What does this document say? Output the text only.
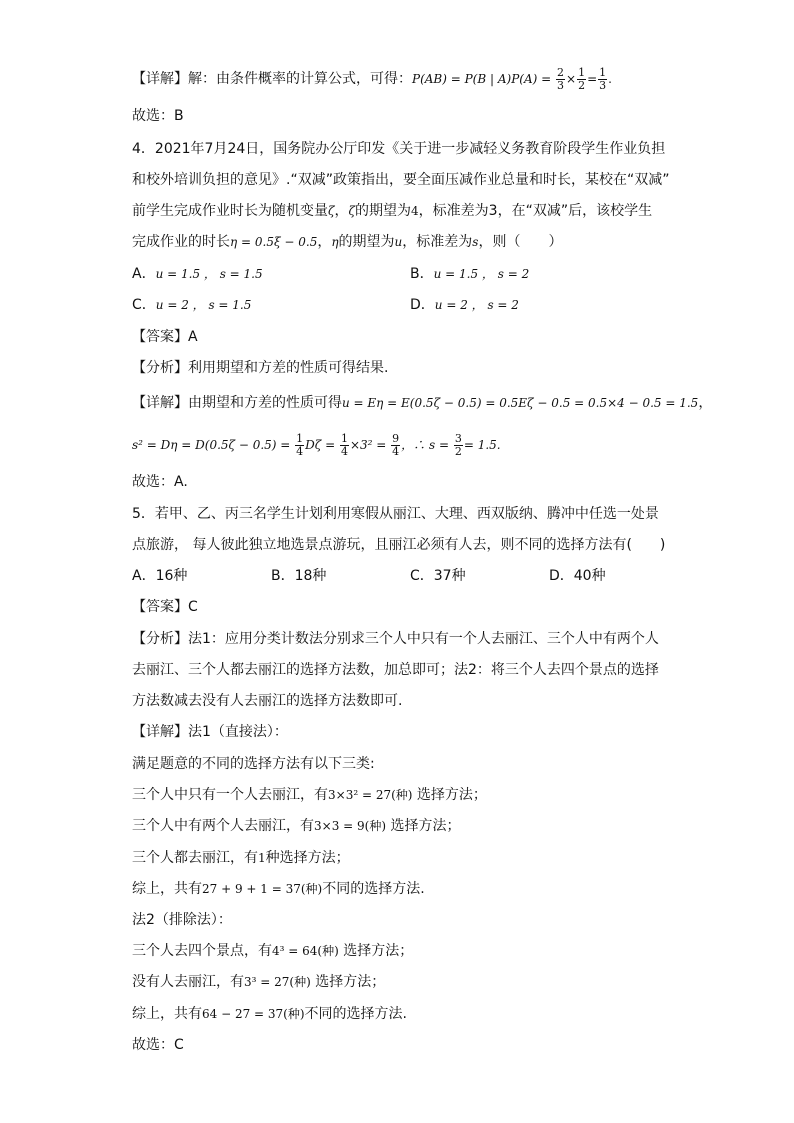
【详解】解：由条件概率的计算公式，可得：P(AB) = P(B | $A)P(A) = \frac{2}{3} \times \frac{1}{2} = \frac{1}{3}$ .
故选：B
4．2021年7月24日，国务院办公厅印发《关于进一步减轻义务教育阶段学生作业负担
和校外培训负担的意见》.“双减”政策指出，要全面压减作业总量和时长，某校在“双减”
前学生完成作业时长为随机变量ζ，ζ的期望为4，标准差为3，在“双减”后，该校学生
完成作业的时长η = 0.5ξ − 0.5，η的期望为u，标准差为s，则（　　）
A．u = 1.5 ， s = 1.5	B．u = 1.5 ， s = 2
C．u = 2 ， s = 1.5	D．u = 2 ， s = 2
【答案】A
【分析】利用期望和方差的性质可得结果.
【详解】由期望和方差的性质可得u = Eη = E(0.5ζ − 0.5) = 0.5Eζ − 0.5 = 0.5×4 − 0.5 = 1.5，
$s^2 = D\eta = D(0.5\zeta - 0.5) = \frac{1}{4}$ $D\zeta = \frac{1}{4} \times 3^2 = \frac{9}{4}$ ，∴ $s = \frac{3}{2} = 1.5$.
故选：A.
5．若甲、乙、丙三名学生计划利用寒假从丽江、大理、西双版纳、腾冲中任选一处景
点旅游， 每人彼此独立地选景点游玩，且丽江必须有人去，则不同的选择方法有(　　)
A．16种	B．18种	C．37种	D．40种
【答案】C
【分析】法1：应用分类计数法分别求三个人中只有一个人去丽江、三个人中有两个人
去丽江、三个人都去丽江的选择方法数，加总即可；法2：将三个人去四个景点的选择
方法数减去没有人去丽江的选择方法数即可.
【详解】法1（直接法）：
满足题意的不同的选择方法有以下三类:
三个人中只有一个人去丽江，有3×3² = 27(种) 选择方法；
三个人中有两个人去丽江，有3×3 = 9(种) 选择方法；
三个人都去丽江，有1种选择方法；
综上，共有27 + 9 + 1 = 37(种)不同的选择方法.
法2（排除法）：
三个人去四个景点，有4³ = 64(种) 选择方法；
没有人去丽江，有3³ = 27(种) 选择方法；
综上，共有64 − 27 = 37(种)不同的选择方法.
故选：C
